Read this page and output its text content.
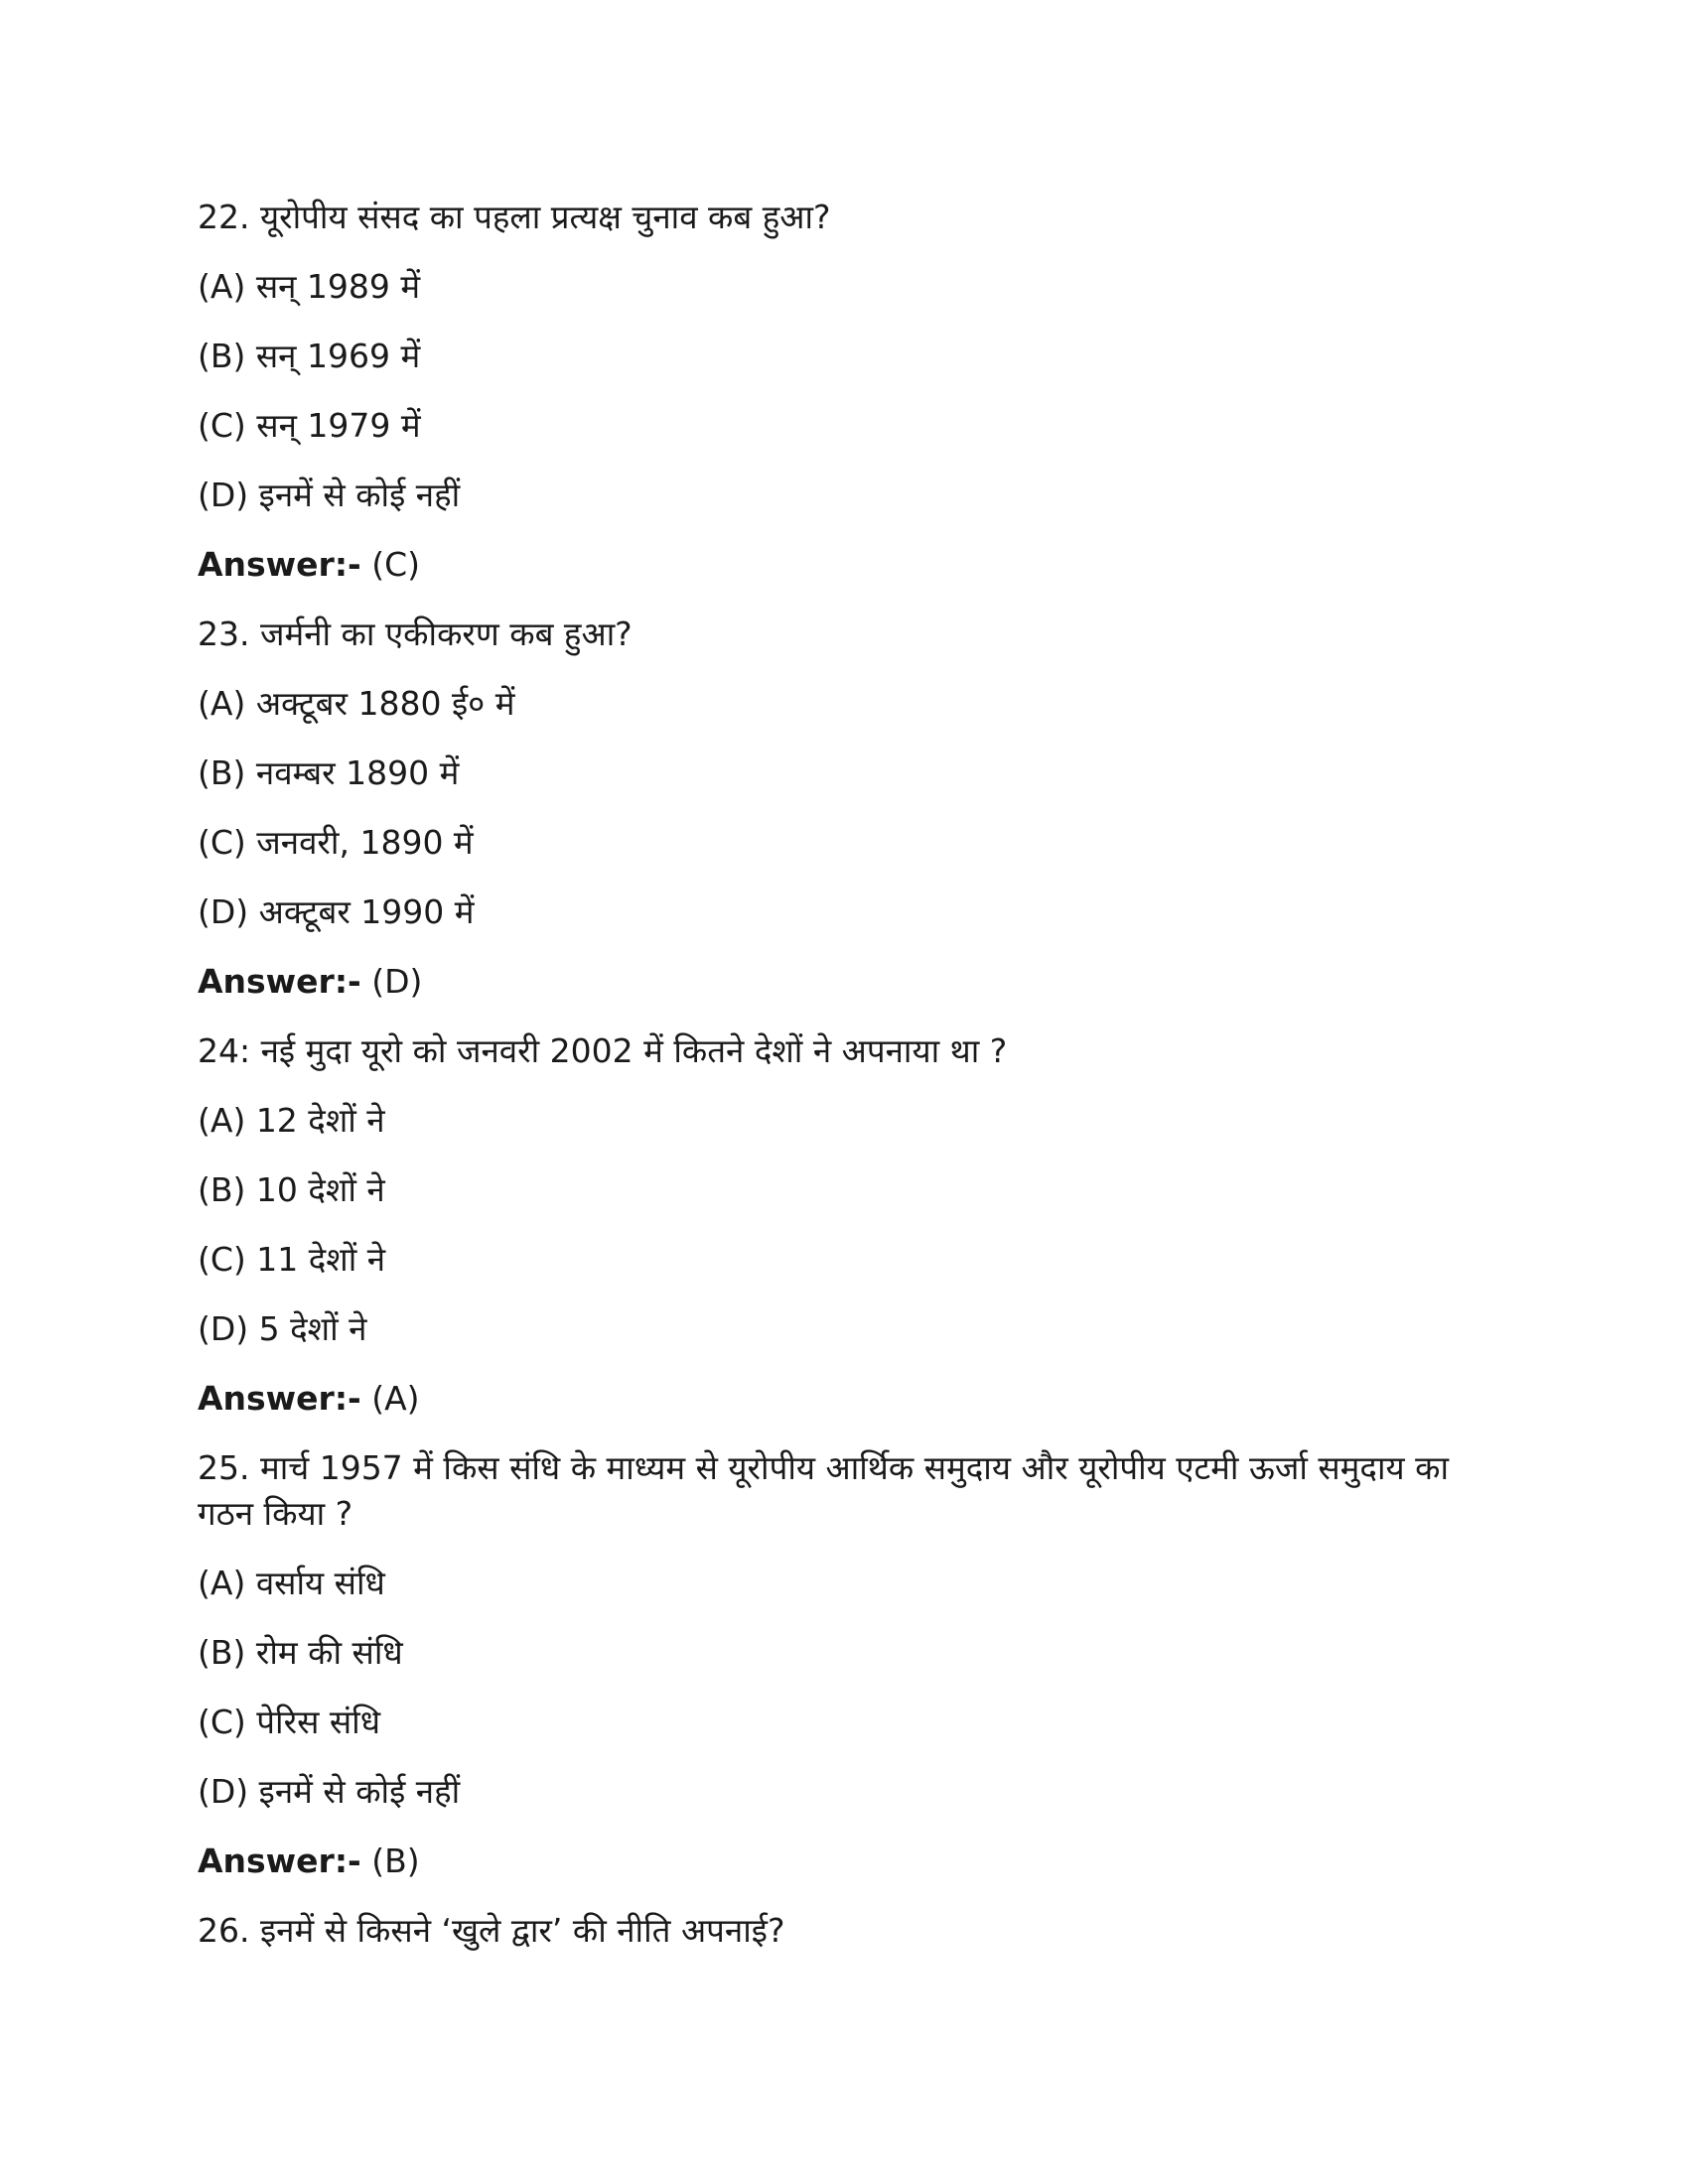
22. यूरोपीय संसद का पहला प्रत्यक्ष चुनाव कब हुआ?
(A) सन् 1989 में
(B) सन् 1969 में
(C) सन् 1979 में
(D) इनमें से कोई नहीं
Answer:- (C)
23. जर्मनी का एकीकरण कब हुआ?
(A) अक्टूबर 1880 ई० में
(B) नवम्बर 1890 में
(C) जनवरी, 1890 में
(D) अक्टूबर 1990 में
Answer:- (D)
24: नई मुदा यूरो को जनवरी 2002 में कितने देशों ने अपनाया था ?
(A) 12 देशों ने
(B) 10 देशों ने
(C) 11 देशों ने
(D) 5 देशों ने
Answer:- (A)
25. मार्च 1957 में किस संधि के माध्यम से यूरोपीय आर्थिक समुदाय और यूरोपीय एटमी ऊर्जा समुदाय का गठन किया ?
(A) वर्साय संधि
(B) रोम की संधि
(C) पेरिस संधि
(D) इनमें से कोई नहीं
Answer:- (B)
26. इनमें से किसने ‘खुले द्वार’ की नीति अपनाई?
